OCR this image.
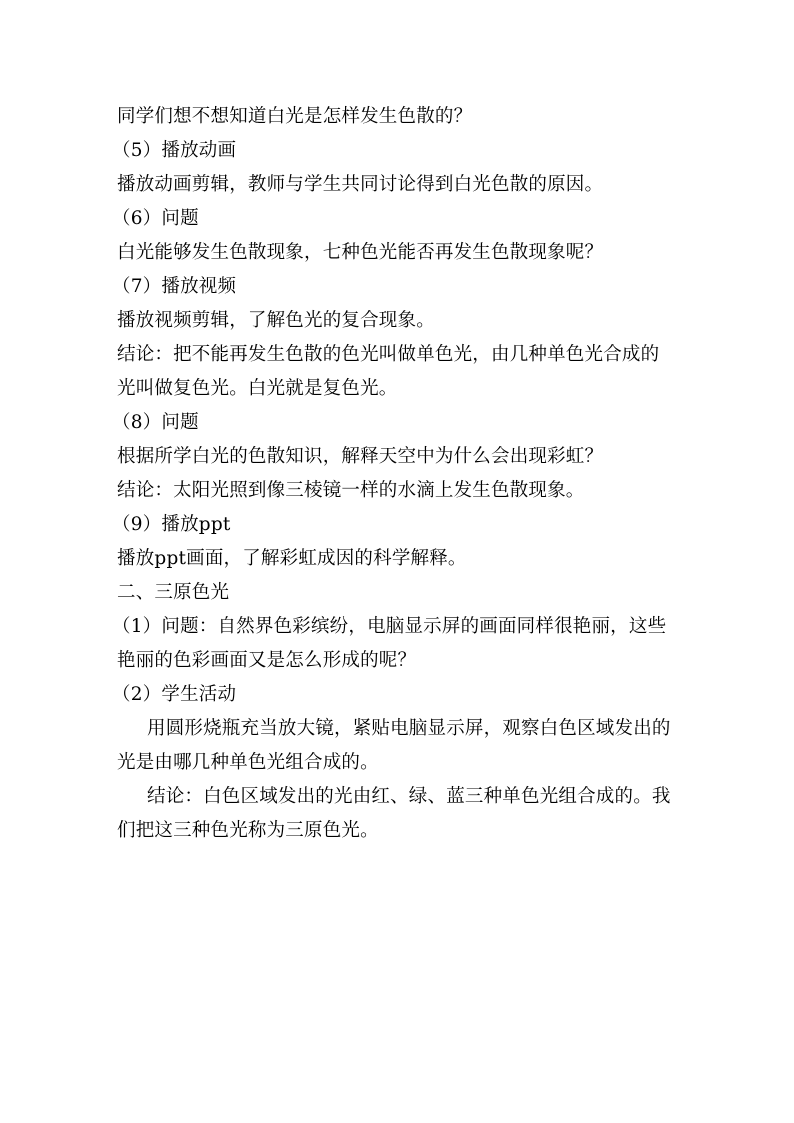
同学们想不想知道白光是怎样发生色散的？
（5）播放动画
播放动画剪辑，教师与学生共同讨论得到白光色散的原因。
（6）问题
白光能够发生色散现象，七种色光能否再发生色散现象呢？
（7）播放视频
播放视频剪辑，了解色光的复合现象。
结论：把不能再发生色散的色光叫做单色光，由几种单色光合成的
光叫做复色光。白光就是复色光。
（8）问题
根据所学白光的色散知识，解释天空中为什么会出现彩虹？
结论：太阳光照到像三棱镜一样的水滴上发生色散现象。
（9）播放ppt
播放ppt画面，了解彩虹成因的科学解释。
二、三原色光
（1）问题：自然界色彩缤纷，电脑显示屏的画面同样很艳丽，这些
艳丽的色彩画面又是怎么形成的呢？
（2）学生活动
用圆形烧瓶充当放大镜，紧贴电脑显示屏，观察白色区域发出的
光是由哪几种单色光组合成的。
结论：白色区域发出的光由红、绿、蓝三种单色光组合成的。我
们把这三种色光称为三原色光。
